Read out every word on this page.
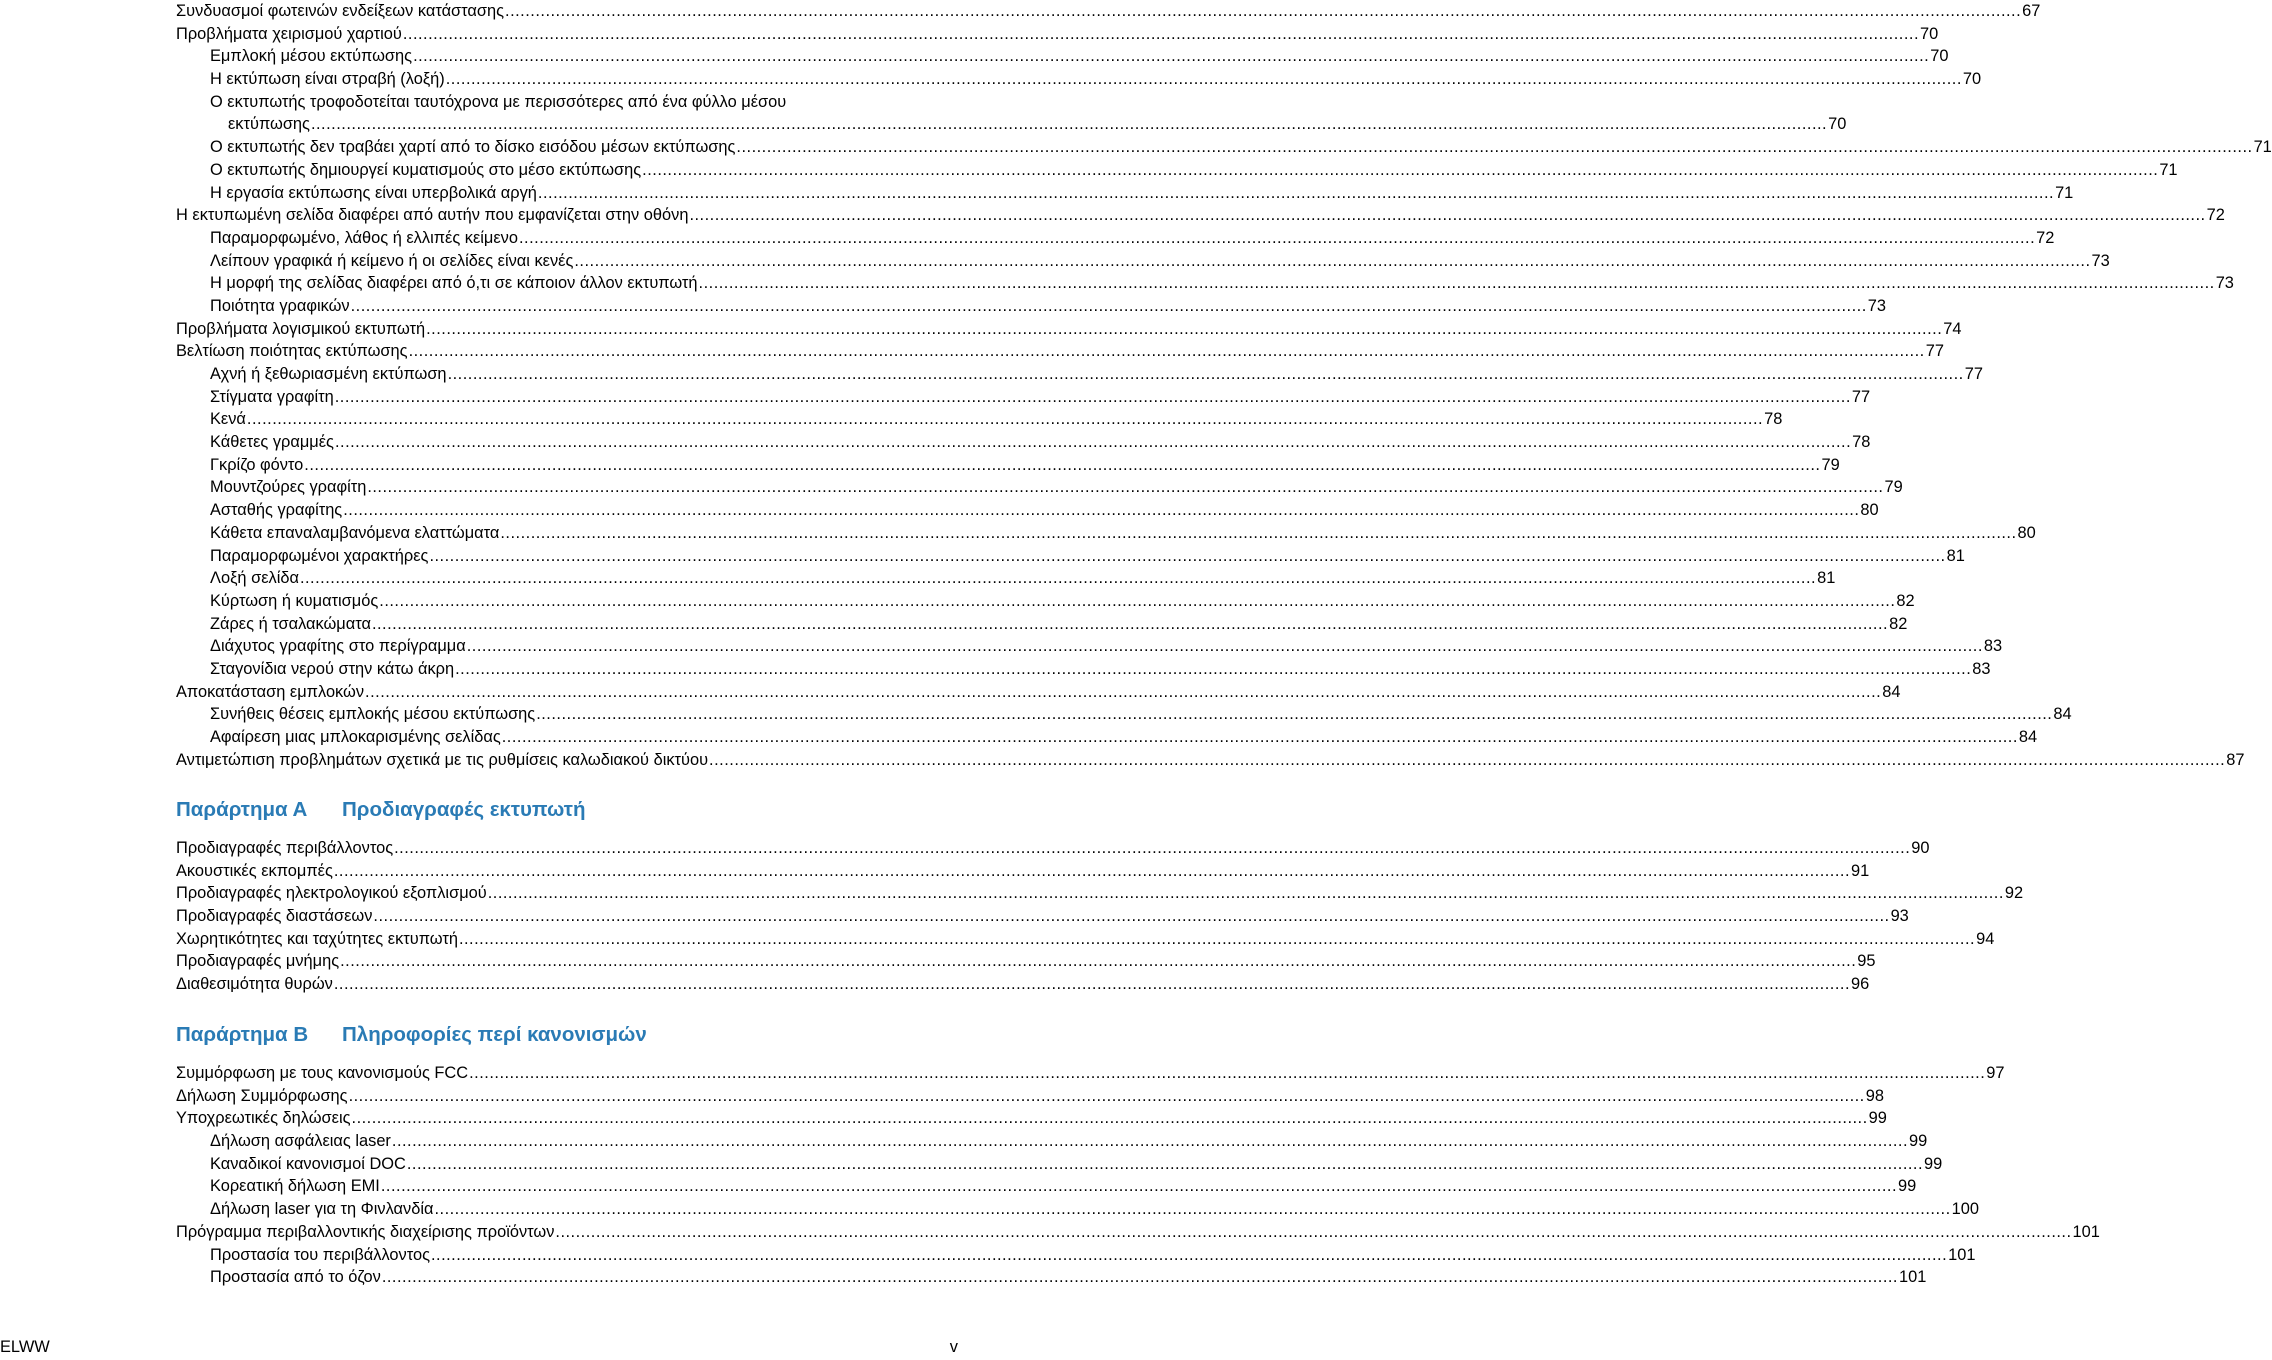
Συνδυασμοί φωτεινών ενδείξεων κατάστασης ............................................................................................................................................................................................................................................................................................................ 67
Προβλήματα χειρισμού χαρτιού ............................................................................................................................................................................................................................................................................................................ 70
Εμπλοκή μέσου εκτύπωσης ............................................................................................................................................................................................................................................................................................................ 70
Η εκτύπωση είναι στραβή (λοξή) ............................................................................................................................................................................................................................................................................................................ 70
Ο εκτυπωτής τροφοδοτείται ταυτόχρονα με περισσότερες από ένα φύλλο μέσου
εκτύπωσης ............................................................................................................................................................................................................................................................................................................ 70
Ο εκτυπωτής δεν τραβάει χαρτί από το δίσκο εισόδου μέσων εκτύπωσης ............................................................................................................................................................................................................................................................................................................ 71
Ο εκτυπωτής δημιουργεί κυματισμούς στο μέσο εκτύπωσης ............................................................................................................................................................................................................................................................................................................ 71
Η εργασία εκτύπωσης είναι υπερβολικά αργή ............................................................................................................................................................................................................................................................................................................ 71
Η εκτυπωμένη σελίδα διαφέρει από αυτήν που εμφανίζεται στην οθόνη ............................................................................................................................................................................................................................................................................................................ 72
Παραμορφωμένο, λάθος ή ελλιπές κείμενο ............................................................................................................................................................................................................................................................................................................ 72
Λείπουν γραφικά ή κείμενο ή οι σελίδες είναι κενές ............................................................................................................................................................................................................................................................................................................ 73
Η μορφή της σελίδας διαφέρει από ό,τι σε κάποιον άλλον εκτυπωτή ............................................................................................................................................................................................................................................................................................................ 73
Ποιότητα γραφικών ............................................................................................................................................................................................................................................................................................................ 73
Προβλήματα λογισμικού εκτυπωτή ............................................................................................................................................................................................................................................................................................................ 74
Βελτίωση ποιότητας εκτύπωσης ............................................................................................................................................................................................................................................................................................................ 77
Αχνή ή ξεθωριασμένη εκτύπωση ............................................................................................................................................................................................................................................................................................................ 77
Στίγματα γραφίτη ............................................................................................................................................................................................................................................................................................................ 77
Κενά ............................................................................................................................................................................................................................................................................................................ 78
Κάθετες γραμμές ............................................................................................................................................................................................................................................................................................................ 78
Γκρίζο φόντο ............................................................................................................................................................................................................................................................................................................ 79
Μουντζούρες γραφίτη ............................................................................................................................................................................................................................................................................................................ 79
Ασταθής γραφίτης ............................................................................................................................................................................................................................................................................................................ 80
Κάθετα επαναλαμβανόμενα ελαττώματα ............................................................................................................................................................................................................................................................................................................ 80
Παραμορφωμένοι χαρακτήρες ............................................................................................................................................................................................................................................................................................................ 81
Λοξή σελίδα ............................................................................................................................................................................................................................................................................................................ 81
Κύρτωση ή κυματισμός ............................................................................................................................................................................................................................................................................................................ 82
Ζάρες ή τσαλακώματα ............................................................................................................................................................................................................................................................................................................ 82
Διάχυτος γραφίτης στο περίγραμμα ............................................................................................................................................................................................................................................................................................................ 83
Σταγονίδια νερού στην κάτω άκρη ............................................................................................................................................................................................................................................................................................................ 83
Αποκατάσταση εμπλοκών ............................................................................................................................................................................................................................................................................................................ 84
Συνήθεις θέσεις εμπλοκής μέσου εκτύπωσης ............................................................................................................................................................................................................................................................................................................ 84
Αφαίρεση μιας μπλοκαρισμένης σελίδας ............................................................................................................................................................................................................................................................................................................ 84
Αντιμετώπιση προβλημάτων σχετικά με τις ρυθμίσεις καλωδιακού δικτύου ............................................................................................................................................................................................................................................................................................................ 87
Παράρτημα Α Προδιαγραφές εκτυπωτή
Προδιαγραφές περιβάλλοντος ............................................................................................................................................................................................................................................................................................................ 90
Ακουστικές εκπομπές ............................................................................................................................................................................................................................................................................................................ 91
Προδιαγραφές ηλεκτρολογικού εξοπλισμού ............................................................................................................................................................................................................................................................................................................ 92
Προδιαγραφές διαστάσεων ............................................................................................................................................................................................................................................................................................................ 93
Χωρητικότητες και ταχύτητες εκτυπωτή ............................................................................................................................................................................................................................................................................................................ 94
Προδιαγραφές μνήμης ............................................................................................................................................................................................................................................................................................................ 95
Διαθεσιμότητα θυρών ............................................................................................................................................................................................................................................................................................................ 96
Παράρτημα Β Πληροφορίες περί κανονισμών
Συμμόρφωση με τους κανονισμούς FCC ............................................................................................................................................................................................................................................................................................................ 97
Δήλωση Συμμόρφωσης ............................................................................................................................................................................................................................................................................................................ 98
Υποχρεωτικές δηλώσεις ............................................................................................................................................................................................................................................................................................................ 99
Δήλωση ασφάλειας laser ............................................................................................................................................................................................................................................................................................................ 99
Καναδικοί κανονισμοί DOC ............................................................................................................................................................................................................................................................................................................ 99
Κορεατική δήλωση EMI ............................................................................................................................................................................................................................................................................................................ 99
Δήλωση laser για τη Φινλανδία ............................................................................................................................................................................................................................................................................................................ 100
Πρόγραμμα περιβαλλοντικής διαχείρισης προϊόντων ............................................................................................................................................................................................................................................................................................................ 101
Προστασία του περιβάλλοντος ............................................................................................................................................................................................................................................................................................................ 101
Προστασία από το όζον ............................................................................................................................................................................................................................................................................................................ 101
ELWW	v
